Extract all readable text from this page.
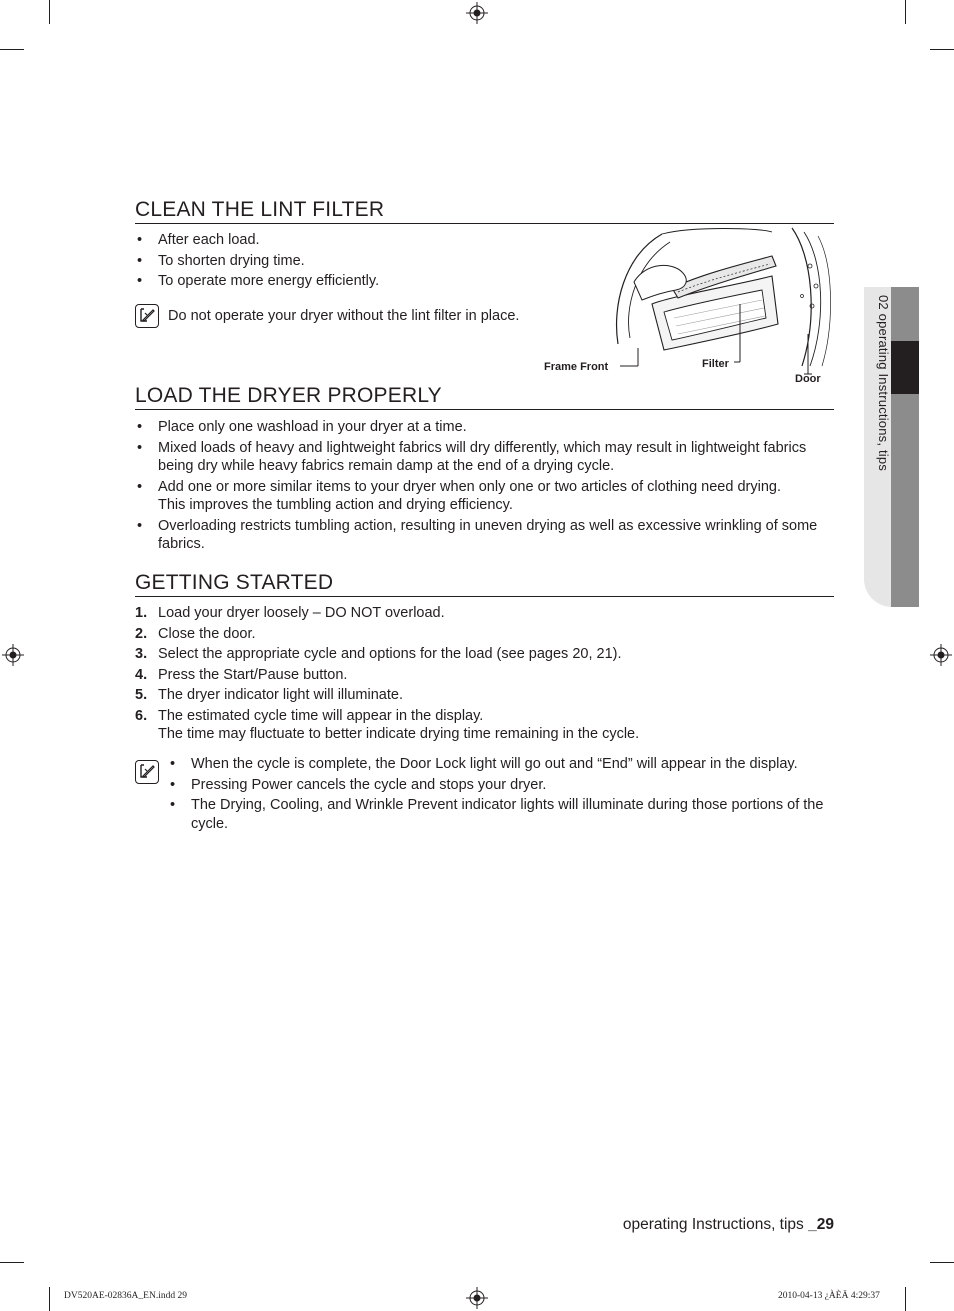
02 operating Instructions, tips
CLEAN THE LINT FILTER
• After each load.
• To shorten drying time.
• To operate more energy efficiently.
Do not operate your dryer without the lint filter in place.
Frame Front	Filter
Door
LOAD THE DRYER PROPERLY
• Place only one washload in your dryer at a time.
• Mixed loads of heavy and lightweight fabrics will dry differently, which may result in lightweight fabrics being dry while heavy fabrics remain damp at the end of a drying cycle.
• Add one or more similar items to your dryer when only one or two articles of clothing need drying.
This improves the tumbling action and drying efficiency.
• Overloading restricts tumbling action, resulting in uneven drying as well as excessive wrinkling of some fabrics.
GETTING STARTED
1. Load your dryer loosely – DO NOT overload.
2. Close the door.
3. Select the appropriate cycle and options for the load (see pages 20, 21).
4. Press the Start/Pause button.
5. The dryer indicator light will illuminate.
6. The estimated cycle time will appear in the display.
The time may fluctuate to better indicate drying time remaining in the cycle.
• When the cycle is complete, the Door Lock light will go out and “End” will appear in the display.
• Pressing Power cancels the cycle and stops your dryer.
• The Drying, Cooling, and Wrinkle Prevent indicator lights will illuminate during those portions of the cycle.
operating Instructions, tips _29
DV520AE-02836A_EN.indd 29	2010-04-13 ¿ÀÈÄ 4:29:37
